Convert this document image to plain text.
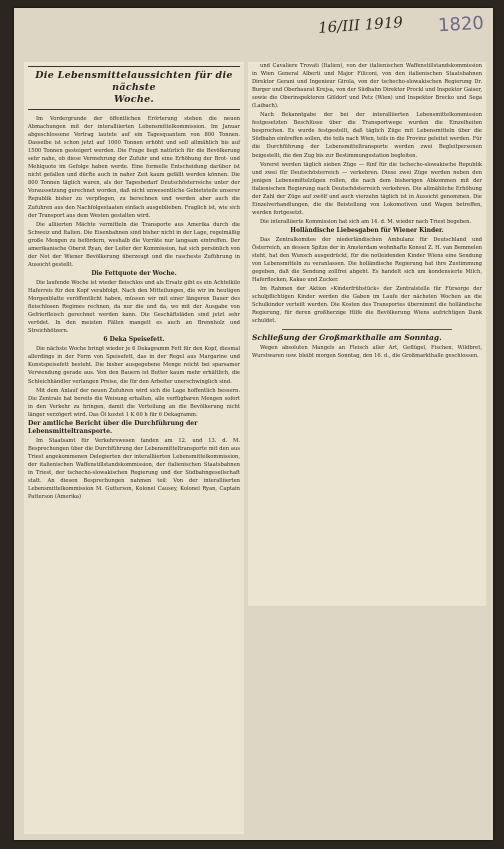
16/III 1919 1820
Die Lebensmittelaussichten für die nächste
Woche.

Im Vordergrunde der öffentlichen Erörterung stehen die neuen Abmachungen mit der interalliierten Lebensmittelkommission. Im Januar abgeschlossene Vertrag lautete auf ein Tagesquantum von 800 Tonnen. Dasselbe ist schon jetzt auf 1000 Tonnen erhöht und soll allmählich bis auf 1500 Tonnen gesteigert werden. Die Frage liegt natürlich für die Bevölkerung sehr nahe, ob diese Vermehrung der Zufuhr und eine Erhöhung der Brot- und Mehlquote im Gefolge haben werde. Eine formelle Entscheidung darüber ist nicht gefallen und dürfte auch in naher Zeit kaum gefällt werden können. Die 800 Tonnen täglich waren, als der Tagesbedarf Deutschösterreichs unter der Voraussetzung gerechnet worden, daß nicht unwesentliche Gebietsteile unserer Republik bisher zu verpflegen, zu berechnen und werden aber auch die Zufuhren aus den Nachfolgestaaten einfach ausgeblieben. Fraglich ist, wie sich der Transport aus dem Westen gestalten wird.

Die alliierten Mächte vermitteln die Transporte aus Amerika durch die Schweiz und Italien. Die Eisenbahnen sind bisher nicht in der Lage, regelmäßig große Mengen zu befördern, weshalb die Vorräte nur langsam eintreffen. Der amerikanische Oberst Ryan, der Leiter der Kommission, hat sich persönlich von der Not der Wiener Bevölkerung überzeugt und die rascheste Zuführung in Aussicht gestellt.

Die Fettquote der Woche.

Die laufende Woche ist wieder fleischlos und als Ersatz gibt es ein Achtelkilo Haferreis für den Kopf verabfolgt. Nach den Mitteilungen, die wir im heutigen Morgenblatte veröffentlicht haben, müssen wir mit einer längeren Dauer des fleischlosen Regimes rechnen, da nur die und da, wo mit der Ausgabe von Gefrierfleisch gerechnet werden kann. Die Geschäftsläden sind jetzt sehr verödet. In den meisten Fällen mangelt es auch an Brennholz und Streichhölzern.

6 Deka Speisefett.

Die nächste Woche bringt wieder je 6 Dekagramm Fett für den Kopf, diesmal allerdings in der Form von Speisefett, das in der Regel aus Margarine und Kunstspeisefett besteht. Die bisher ausgegebene Menge reicht bei sparsamer Verwendung gerade aus. Von den Bauern ist Butter kaum mehr erhältlich, die Schleichhändler verlangen Preise, die für den Arbeiter unerschwinglich sind.

Mit dem Anlauf der neuen Zufuhren wird sich die Lage hoffentlich bessern. Die Zentrale hat bereits die Weisung erhalten, alle verfügbaren Mengen sofort in den Verkehr zu bringen, damit die Verteilung an die Bevölkerung nicht länger verzögert wird. Das Öl kostet 1 K 60 h für 6 Dekagramm.

Der amtliche Bericht über die Durchführung der Lebensmitteltransporte.

Im Staatsamt für Verkehrswesen fanden am 12. und 13. d. M. Besprechungen über die Durchführung der Lebensmitteltransporte mit den aus Triest angekommenen Delegierten der interalliierten Lebensmittelkommission, der italienischen Waffenstillstandskommission, der italienischen Staatsbahnen in Triest, der tschecho-slowakischen Regierung und der Südbahngesellschaft statt. An diesen Besprechungen nahmen teil: Von der interalliierten Lebensmittelkommission M. Gutterson, Kolonel Causey, Kolonel Ryan, Captain Patterson (Amerika)

und Cavaliere Trovati (Italien), von der italienischen Waffenstillstandskommission in Wien General Alberti und Major Filiconi, von den italienischen Staatsbahnen Direktor Gerani und Ingenieur Girola, von der tschecho-slowakischen Regierung Dr. Burger und Oberbaurat Krejsa, von der Südbahn Direktor Prockl und Inspektor Gaiser, sowie die Oberinspektoren Göldorf und Petz (Wien) und Inspektor Brecko und Sega (Laibach).

Nach Bekanntgabe der bei der interalliierten Lebensmittelkommission festgesetzten Beschlüsse über die Transportwege wurden die Einzelheiten besprochen. Es wurde festgestellt, daß täglich Züge mit Lebensmitteln über die Südbahn eintreffen sollen, die teils nach Wien, teils in die Provinz geleitet werden. Für die Durchführung der Lebensmitteltransporte werden zwei Begleitpersonen beigestellt, die den Zug bis zur Bestimmungsstation begleiten.

Vorerst werden täglich sieben Züge — fünf für die tschecho-slowakische Republik und zwei für Deutschösterreich — verkehren. Diese zwei Züge werden neben den jenigen Lebensmittelzügen rollen, die nach dem bisherigen Abkommen mit der italienischen Regierung nach Deutschösterreich verkehren. Die allmähliche Erhöhung der Zahl der Züge auf zwölf und auch vierzehn täglich ist in Aussicht genommen. Die Einzelverhandlungen, die die Beistellung von Lokomotiven und Wagen betreffen, werden fortgesetzt.

Die interalliierte Kommission hat sich am 14. d. M. wieder nach Triest begeben.

Holländische Liebesgaben für Wiener Kinder.

Das Zentralkomitee der niederländischen Ambulanz für Deutschland und Österreich, an dessen Spitze der in Amsterdam wohnhafte Konsul Z. H. van Bemmelen steht, hat den Wunsch ausgedrückt, für die notleidenden Kinder Wiens eine Sendung von Lebensmitteln zu veranlassen. Die holländische Regierung hat ihre Zustimmung gegeben, daß die Sendung zollfrei abgeht. Es handelt sich um kondensierte Milch, Haferflocken, Kakao und Zucker.

Im Rahmen der Aktion »Kinderfrühstück« der Zentralstelle für Fürsorge der schulpflichtigen Kinder werden die Gaben im Laufe der nächsten Wochen an die Schulkinder verteilt werden. Die Kosten des Transportes übernimmt die holländische Regierung, für deren großherzige Hilfe die Bevölkerung Wiens aufrichtigen Dank schuldet.

Schließung der Großmarkthalle am Sonntag.

Wegen absoluten Mangels an Fleisch aller Art, Geflügel, Fischen, Wildbret, Wurstwaren usw. bleibt morgen Sonntag, den 16. d., die Großmarkthalle geschlossen.
